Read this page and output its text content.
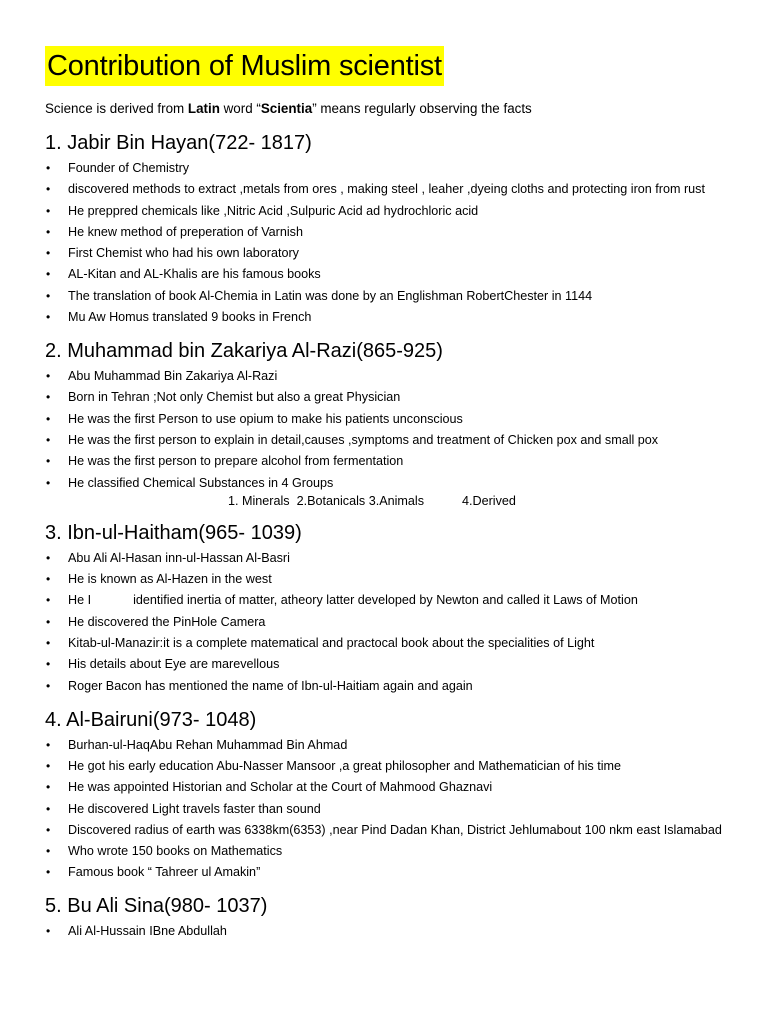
Contribution of Muslim scientist
Science is derived from Latin word “Scientia” means regularly observing the facts
1. Jabir Bin Hayan(722- 1817)
• Founder of Chemistry
• discovered methods to extract ,metals from ores , making steel , leaher ,dyeing cloths and protecting iron from rust
• He preppred chemicals like ,Nitric Acid ,Sulpuric Acid ad hydrochloric acid
• He knew method of preperation of Varnish
• First Chemist who had his own laboratory
• AL-Kitan and AL-Khalis are his famous books
• The translation of book Al-Chemia in Latin was done by an Englishman RobertChester in 1144
• Mu Aw Homus translated 9 books in French
2. Muhammad bin Zakariya Al-Razi(865-925)
• Abu Muhammad Bin Zakariya Al-Razi
• Born in Tehran ;Not only Chemist but also a great Physician
• He was the first Person to use opium to make his patients unconscious
• He was the first person to explain in detail,causes ,symptoms and treatment of Chicken pox and small pox
• He was the first person to prepare alcohol from fermentation
• He classified Chemical Substances in 4 Groups
1. Minerals  2.Botanicals 3.Animals	4.Derived
3. Ibn-ul-Haitham(965- 1039)
• Abu Ali Al-Hasan inn-ul-Hassan Al-Basri
• He is known as Al-Hazen in the west
• He I            identified inertia of matter, atheory latter developed by Newton and called it Laws of Motion
• He discovered the PinHole Camera
• Kitab-ul-Manazir:it is a complete matematical and practocal book about the specialities of Light
• His details about Eye are marevellous
• Roger Bacon has mentioned the name of Ibn-ul-Haitiam again and again
4. Al-Bairuni(973- 1048)
• Burhan-ul-HaqAbu Rehan Muhammad Bin Ahmad
• He got his early education Abu-Nasser Mansoor ,a great philosopher and Mathematician of his time
• He was appointed Historian and Scholar at the Court of Mahmood Ghaznavi
• He discovered Light travels faster than sound
• Discovered radius of earth was 6338km(6353) ,near Pind Dadan Khan, District Jehlumabout 100 nkm east Islamabad
• Who wrote 150 books on Mathematics
• Famous book “ Tahreer ul Amakin”
5. Bu Ali Sina(980- 1037)
• Ali Al-Hussain IBne Abdullah
